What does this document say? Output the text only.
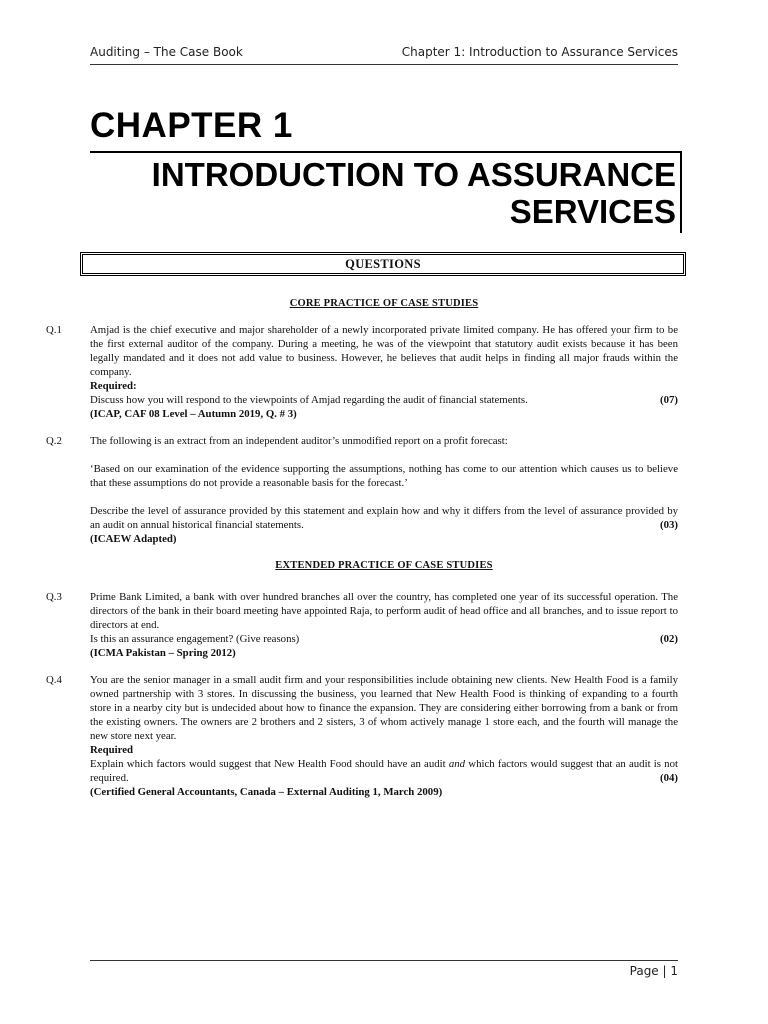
Auditing – The Case Book	Chapter 1: Introduction to Assurance Services
CHAPTER 1
INTRODUCTION TO ASSURANCE
SERVICES
QUESTIONS
CORE PRACTICE OF CASE STUDIES
Q.1	Amjad is the chief executive and major shareholder of a newly incorporated private limited company. He has offered your firm to be the first external auditor of the company. During a meeting, he was of the viewpoint that statutory audit exists because it has been legally mandated and it does not add value to business. However, he believes that audit helps in finding all major frauds within the company.

Required:

Discuss how you will respond to the viewpoints of Amjad regarding the audit of financial statements.	(07)

(ICAP, CAF 08 Level – Autumn 2019, Q. # 3)

Q.2	The following is an extract from an independent auditor’s unmodified report on a profit forecast:

‘Based on our examination of the evidence supporting the assumptions, nothing has come to our attention which causes us to believe that these assumptions do not provide a reasonable basis for the forecast.’

Describe the level of assurance provided by this statement and explain how and why it differs from the level of assurance provided by an audit on annual historical financial statements.	(03)

(ICAEW Adapted)

EXTENDED PRACTICE OF CASE STUDIES
Q.3	Prime Bank Limited, a bank with over hundred branches all over the country, has completed one year of its successful operation. The directors of the bank in their board meeting have appointed Raja, to perform audit of head office and all branches, and to issue report to directors at end.

Is this an assurance engagement? (Give reasons)	(02)

(ICMA Pakistan – Spring 2012)

Q.4	You are the senior manager in a small audit firm and your responsibilities include obtaining new clients. New Health Food is a family owned partnership with 3 stores. In discussing the business, you learned that New Health Food is thinking of expanding to a fourth store in a nearby city but is undecided about how to finance the expansion. They are considering either borrowing from a bank or from the existing owners. The owners are 2 brothers and 2 sisters, 3 of whom actively manage 1 store each, and the fourth will manage the new store next year.

Required

Explain which factors would suggest that New Health Food should have an audit and which factors would suggest that an audit is not required.	(04)

(Certified General Accountants, Canada – External Auditing 1, March 2009)

Page | 1
